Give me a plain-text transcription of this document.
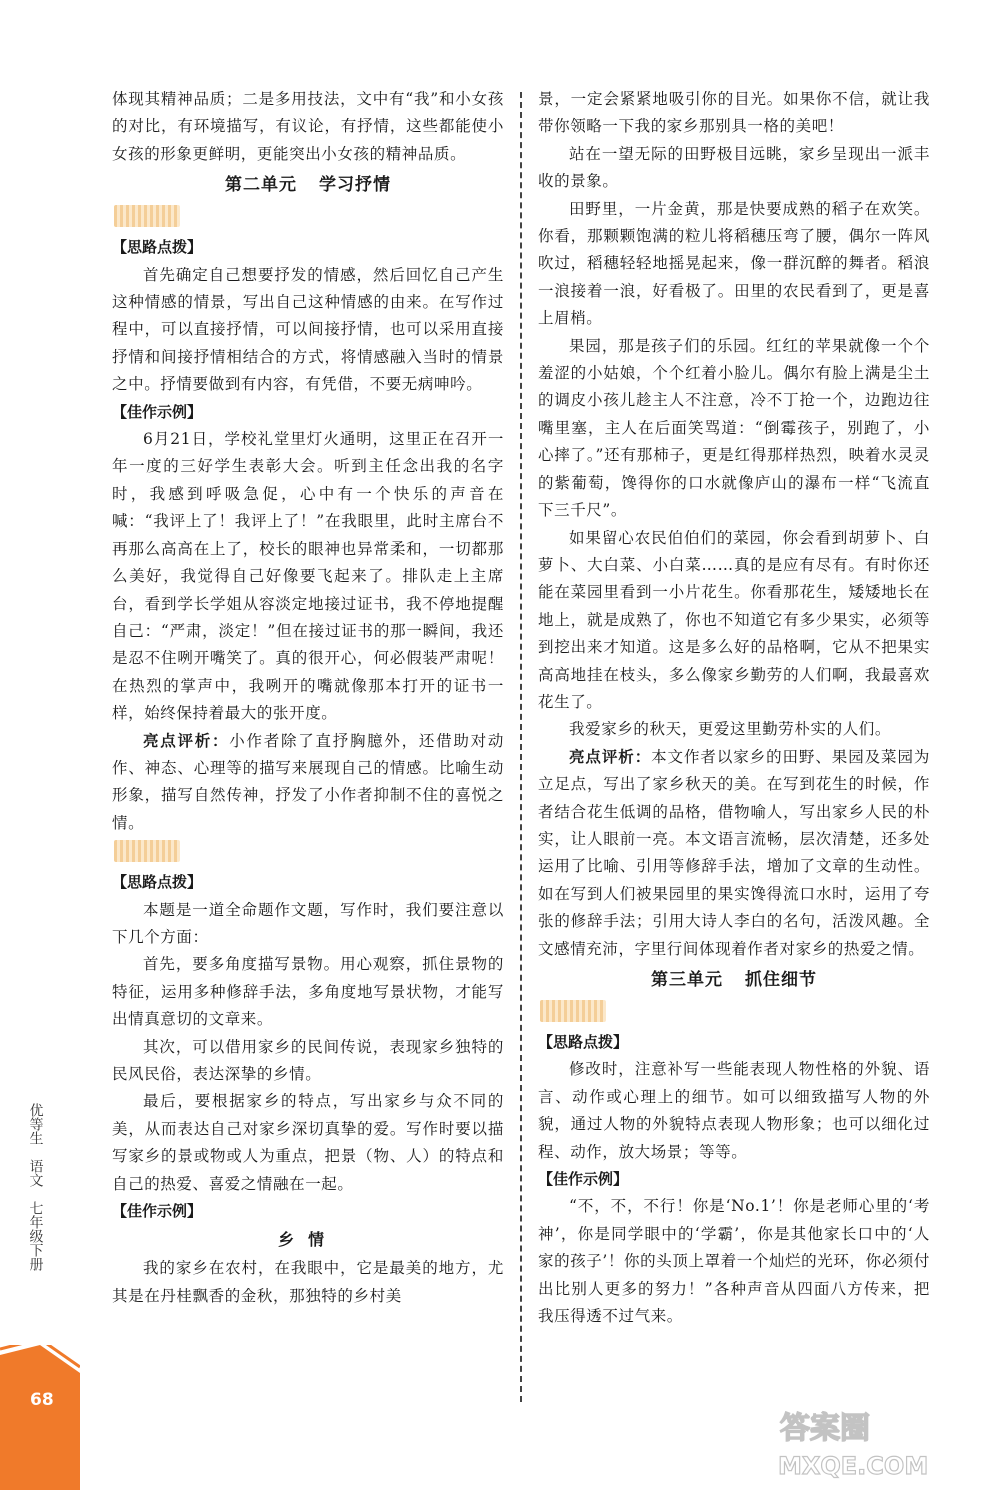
体现其精神品质；二是多用技法，文中有“我”和小女孩的对比，有环境描写，有议论，有抒情，这些都能使小女孩的形象更鲜明，更能突出小女孩的精神品质。

第二单元 学习抒情
【思路点拨】

首先确定自己想要抒发的情感，然后回忆自己产生这种情感的情景，写出自己这种情感的由来。在写作过程中，可以直接抒情，可以间接抒情，也可以采用直接抒情和间接抒情相结合的方式，将情感融入当时的情景之中。抒情要做到有内容，有凭借，不要无病呻吟。

【佳作示例】

6月21日，学校礼堂里灯火通明，这里正在召开一年一度的三好学生表彰大会。听到主任念出我的名字时，我感到呼吸急促，心中有一个快乐的声音在喊：“我评上了！我评上了！”在我眼里，此时主席台不再那么高高在上了，校长的眼神也异常柔和，一切都那么美好，我觉得自己好像要飞起来了。排队走上主席台，看到学长学姐从容淡定地接过证书，我不停地提醒自己：“严肃，淡定！”但在接过证书的那一瞬间，我还是忍不住咧开嘴笑了。真的很开心，何必假装严肃呢！在热烈的掌声中，我咧开的嘴就像那本打开的证书一样，始终保持着最大的张开度。

亮点评析：小作者除了直抒胸臆外，还借助对动作、神态、心理等的描写来展现自己的情感。比喻生动形象，描写自然传神，抒发了小作者抑制不住的喜悦之情。

【思路点拨】

本题是一道全命题作文题，写作时，我们要注意以下几个方面：

首先，要多角度描写景物。用心观察，抓住景物的特征，运用多种修辞手法，多角度地写景状物，才能写出情真意切的文章来。

其次，可以借用家乡的民间传说，表现家乡独特的民风民俗，表达深挚的乡情。

最后，要根据家乡的特点，写出家乡与众不同的美，从而表达自己对家乡深切真挚的爱。写作时要以描写家乡的景或物或人为重点，把景（物、人）的特点和自己的热爱、喜爱之情融在一起。

【佳作示例】
乡情

我的家乡在农村，在我眼中，它是最美的地方，尤其是在丹桂飘香的金秋，那独特的乡村美

景，一定会紧紧地吸引你的目光。如果你不信，就让我带你领略一下我的家乡那别具一格的美吧！

站在一望无际的田野极目远眺，家乡呈现出一派丰收的景象。

田野里，一片金黄，那是快要成熟的稻子在欢笑。你看，那颗颗饱满的粒儿将稻穗压弯了腰，偶尔一阵风吹过，稻穗轻轻地摇晃起来，像一群沉醉的舞者。稻浪一浪接着一浪，好看极了。田里的农民看到了，更是喜上眉梢。

果园，那是孩子们的乐园。红红的苹果就像一个个羞涩的小姑娘，个个红着小脸儿。偶尔有脸上满是尘土的调皮小孩儿趁主人不注意，冷不丁抢一个，边跑边往嘴里塞，主人在后面笑骂道：“倒霉孩子，别跑了，小心摔了。”还有那柿子，更是红得那样热烈，映着水灵灵的紫葡萄，馋得你的口水就像庐山的瀑布一样“飞流直下三千尺”。

如果留心农民伯伯们的菜园，你会看到胡萝卜、白萝卜、大白菜、小白菜……真的是应有尽有。有时你还能在菜园里看到一小片花生。你看那花生，矮矮地长在地上，就是成熟了，你也不知道它有多少果实，必须等到挖出来才知道。这是多么好的品格啊，它从不把果实高高地挂在枝头，多么像家乡勤劳的人们啊，我最喜欢花生了。

我爱家乡的秋天，更爱这里勤劳朴实的人们。

亮点评析：本文作者以家乡的田野、果园及菜园为立足点，写出了家乡秋天的美。在写到花生的时候，作者结合花生低调的品格，借物喻人，写出家乡人民的朴实，让人眼前一亮。本文语言流畅，层次清楚，还多处运用了比喻、引用等修辞手法，增加了文章的生动性。如在写到人们被果园里的果实馋得流口水时，运用了夸张的修辞手法；引用大诗人李白的名句，活泼风趣。全文感情充沛，字里行间体现着作者对家乡的热爱之情。

第三单元 抓住细节
【思路点拨】

修改时，注意补写一些能表现人物性格的外貌、语言、动作或心理上的细节。如可以细致描写人物的外貌，通过人物的外貌特点表现人物形象；也可以细化过程、动作，放大场景；等等。

【佳作示例】

“不，不，不行！你是‘No.1’！你是老师心里的‘考神’，你是同学眼中的‘学霸’，你是其他家长口中的‘人家的孩子’！你的头顶上罩着一个灿烂的光环，你必须付出比别人更多的努力！”各种声音从四面八方传来，把我压得透不过气来。

优等生
语文
七年级下册
68
答案圈
MXQE.COM
